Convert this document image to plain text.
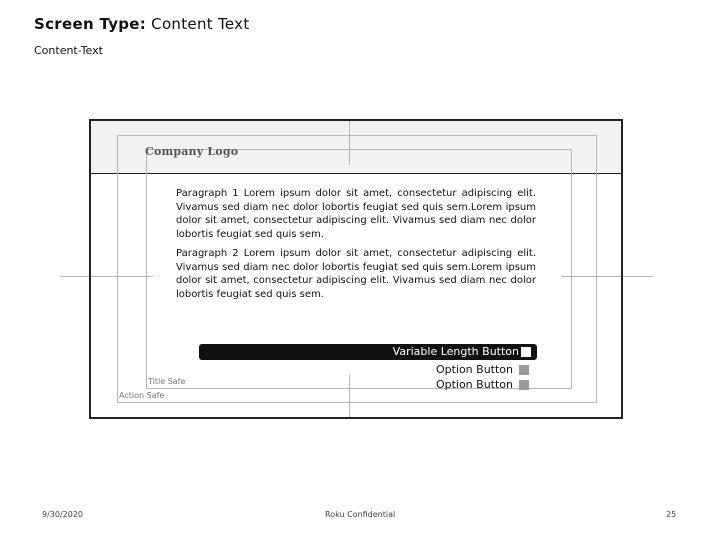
Screen Type: Content Text
Content-Text
Company Logo
Paragraph 1 Lorem ipsum dolor sit amet, consectetur adipiscing elit. Vivamus sed diam nec dolor lobortis feugiat sed quis sem.Lorem ipsum dolor sit amet, consectetur adipiscing elit. Vivamus sed diam nec dolor lobortis feugiat sed quis sem.
Paragraph 2 Lorem ipsum dolor sit amet, consectetur adipiscing elit. Vivamus sed diam nec dolor lobortis feugiat sed quis sem.Lorem ipsum dolor sit amet, consectetur adipiscing elit. Vivamus sed diam nec dolor lobortis feugiat sed quis sem.
Variable Length Button
Option Button
Option Button
Title Safe
Action Safe
9/30/2020	Roku Confidential	25
